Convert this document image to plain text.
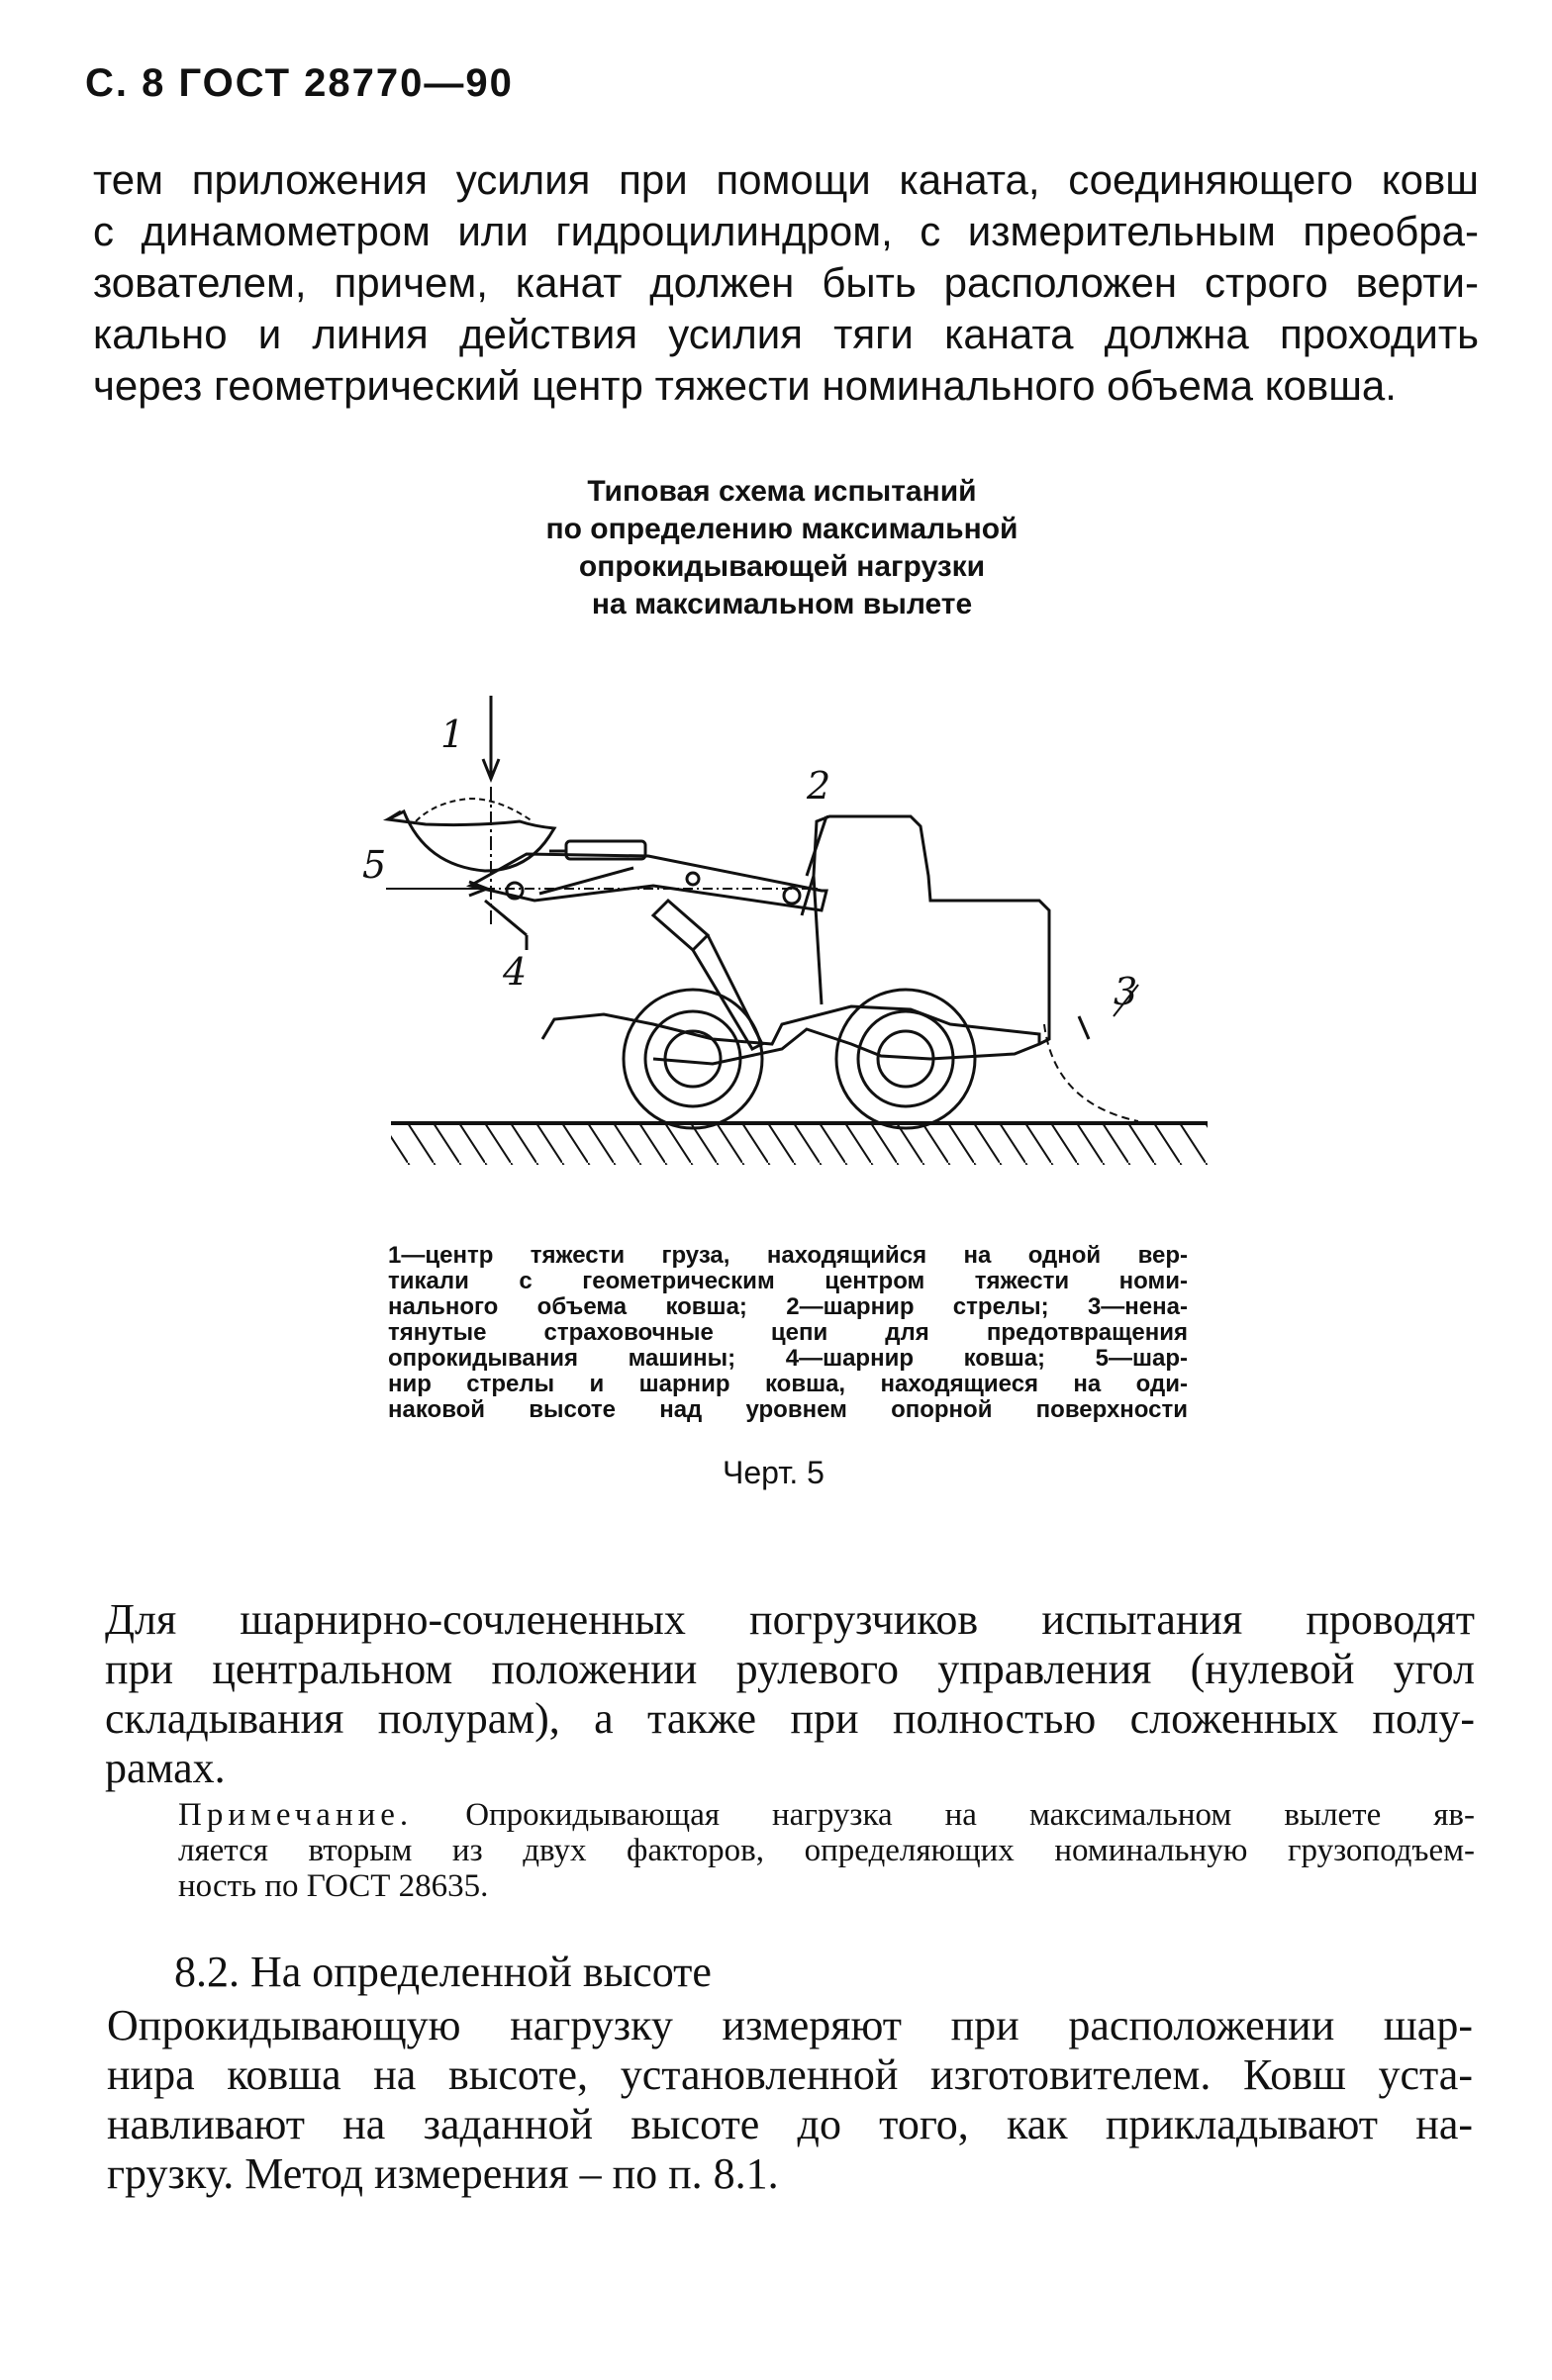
С. 8 ГОСТ 28770—90

тем приложения усилия при помощи каната, соединяющего ковш

с динамометром или гидроцилиндром, с измерительным преобра-

зователем, причем, канат должен быть расположен строго верти-

кально и линия действия усилия тяги каната должна проходить

через геометрический центр тяжести номинального объема ковша.

Типовая схема испытаний

по определению максимальной

опрокидывающей нагрузки

на максимальном вылете

1
2
3
4
5

1—центр тяжести груза, находящийся на одной вер-

тикали с геометрическим центром тяжести номи-

нального объема ковша; 2—шарнир стрелы; 3—нена-

тянутые страховочные цепи для предотвращения

опрокидывания машины; 4—шарнир ковша; 5—шар-

нир стрелы и шарнир ковша, находящиеся на оди-

наковой высоте над уровнем опорной поверхности

Черт. 5

Для шарнирно-сочлененных погрузчиков испытания проводят

при центральном положении рулевого управления (нулевой угол

складывания полурам), а также при полностью сложенных полу-

рамах.

Примечание. Опрокидывающая нагрузка на максимальном вылете яв-

ляется вторым из двух факторов, определяющих номинальную грузоподъем-

ность по ГОСТ 28635.

8.2. На определенной высоте

Опрокидывающую нагрузку измеряют при расположении шар-

нира ковша на высоте, установленной изготовителем. Ковш уста-

навливают на заданной высоте до того, как прикладывают на-

грузку. Метод измерения – по п. 8.1.
